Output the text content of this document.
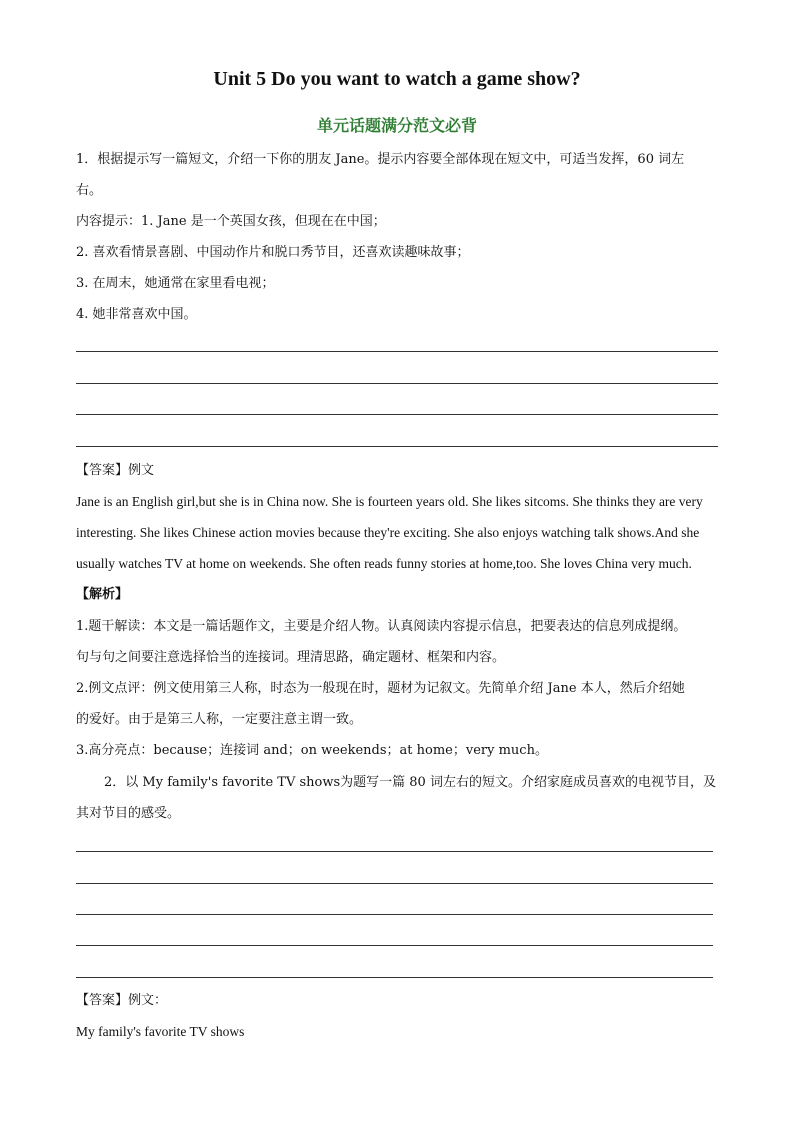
Unit 5 Do you want to watch a game show?
单元话题满分范文必背
1．根据提示写一篇短文，介绍一下你的朋友 Jane。提示内容要全部体现在短文中，可适当发挥，60 词左
右。
内容提示：1. Jane 是一个英国女孩，但现在在中国；
2. 喜欢看情景喜剧、中国动作片和脱口秀节目，还喜欢读趣味故事；
3. 在周末，她通常在家里看电视；
4. 她非常喜欢中国。
【答案】例文
Jane is an English girl,but she is in China now. She is fourteen years old. She likes sitcoms. She thinks they are very
interesting. She likes Chinese action movies because they're exciting. She also enjoys watching talk shows.And she
usually watches TV at home on weekends. She often reads funny stories at home,too. She loves China very much.
【解析】
1.题干解读：本文是一篇话题作文，主要是介绍人物。认真阅读内容提示信息，把要表达的信息列成提纲。
句与句之间要注意选择恰当的连接词。理清思路，确定题材、框架和内容。
2.例文点评：例文使用第三人称，时态为一般现在时，题材为记叙文。先简单介绍 Jane 本人，然后介绍她
的爱好。由于是第三人称，一定要注意主谓一致。
3.高分亮点：because；连接词 and；on weekends；at home；very much。
2．以 My family's favorite TV shows为题写一篇 80 词左右的短文。介绍家庭成员喜欢的电视节目，及
其对节目的感受。
【答案】例文：
My family's favorite TV shows
